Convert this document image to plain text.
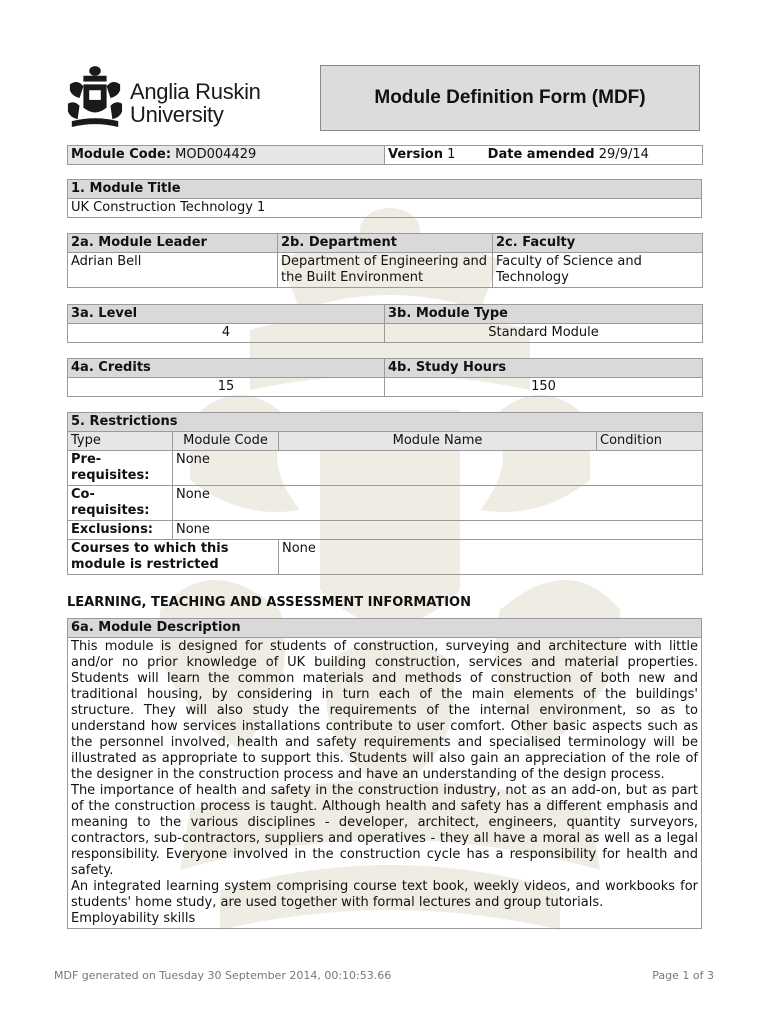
Anglia Ruskin
University
Module Definition Form (MDF)
Module Code: MOD004429	Version 1 Date amended 29/9/14
1. Module Title
UK Construction Technology 1
2a. Module Leader	2b. Department	2c. Faculty
Adrian Bell	Department of Engineering and the Built Environment	Faculty of Science and Technology
3a. Level	3b. Module Type
4	Standard Module
4a. Credits	4b. Study Hours
15	150
5. Restrictions			
Type	Module Code	Module Name	Condition
Pre-requisites:	None		
Co-requisites:	None		
Exclusions:	None		
Courses to which this module is restricted		None	
LEARNING, TEACHING AND ASSESSMENT INFORMATION
6a. Module Description

This module is designed for students of construction, surveying and architecture with little and/or no prior knowledge of UK building construction, services and material properties. Students will learn the common materials and methods of construction of both new and traditional housing, by considering in turn each of the main elements of the buildings' structure. They will also study the requirements of the internal environment, so as to understand how services installations contribute to user comfort. Other basic aspects such as the personnel involved, health and safety requirements and specialised terminology will be illustrated as appropriate to support this. Students will also gain an appreciation of the role of the designer in the construction process and have an understanding of the design process.

The importance of health and safety in the construction industry, not as an add-on, but as part of the construction process is taught. Although health and safety has a different emphasis and meaning to the various disciplines - developer, architect, engineers, quantity surveyors, contractors, sub-contractors, suppliers and operatives - they all have a moral as well as a legal responsibility. Everyone involved in the construction cycle has a responsibility for health and safety.

An integrated learning system comprising course text book, weekly videos, and workbooks for students' home study, are used together with formal lectures and group tutorials.

Employability skills

MDF generated on Tuesday 30 September 2014, 00:10:53.66	Page 1 of 3
